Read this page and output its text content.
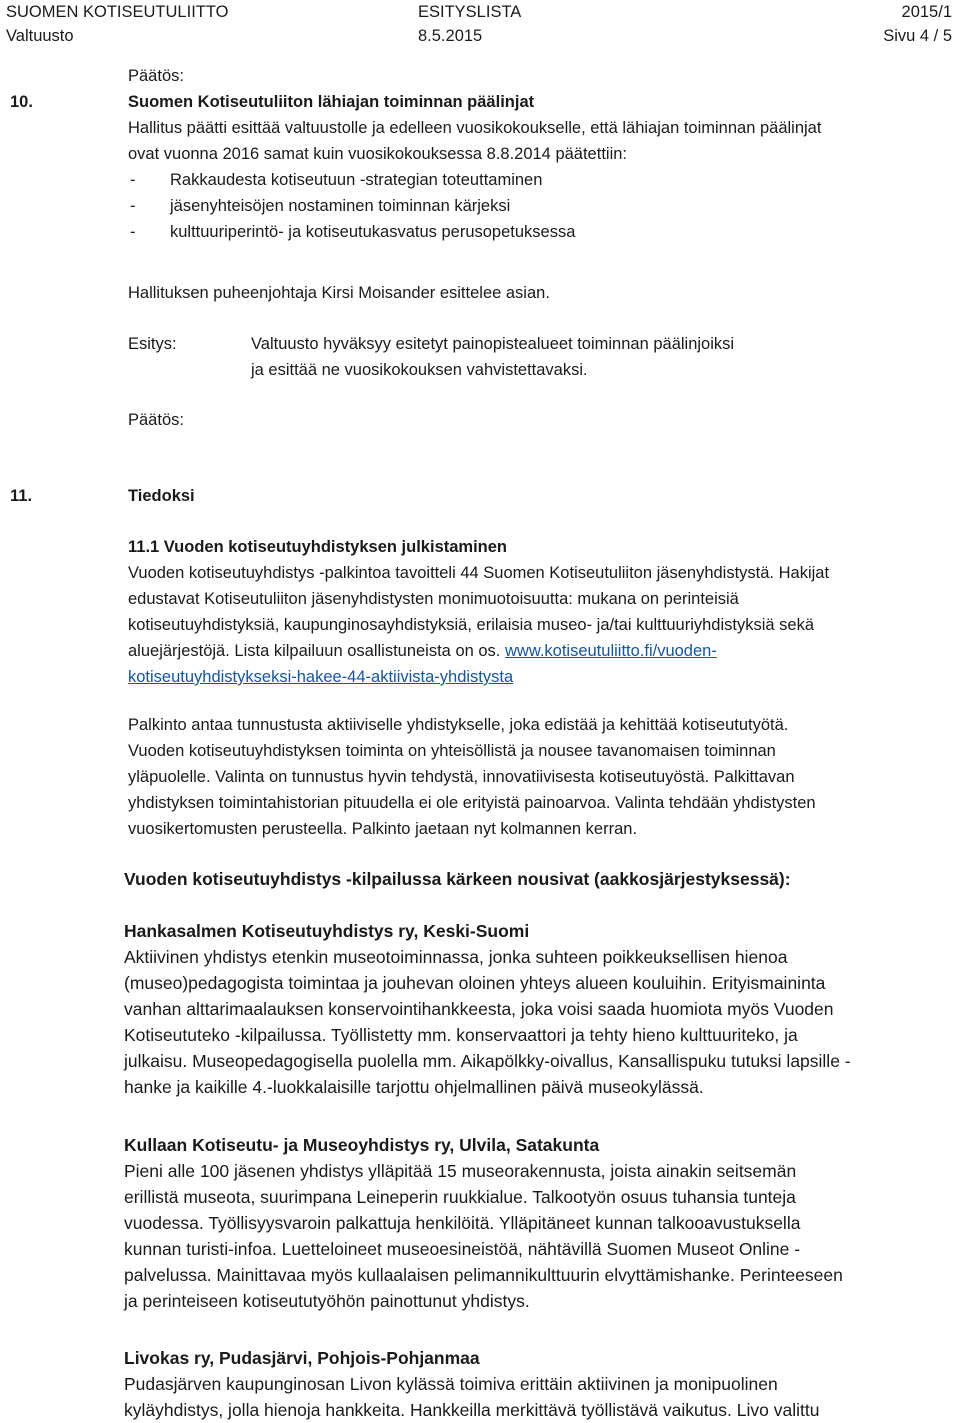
SUOMEN KOTISEUTULIITTO	ESITYSLISTA	2015/1
Valtuusto	8.5.2015	Sivu 4 / 5
Päätös:
10.	Suomen Kotiseutuliiton lähiajan toiminnan päälinjat
Hallitus päätti esittää valtuustolle ja edelleen vuosikokoukselle, että lähiajan toiminnan päälinjat
ovat vuonna 2016 samat kuin vuosikokouksessa 8.8.2014 päätettiin:
- Rakkaudesta kotiseutuun -strategian toteuttaminen
- jäsenyhteisöjen nostaminen toiminnan kärjeksi
- kulttuuriperintö- ja kotiseutukasvatus perusopetuksessa
Hallituksen puheenjohtaja Kirsi Moisander esittelee asian.
Esitys:	Valtuusto hyväksyy esitetyt painopistealueet toiminnan päälinjoiksi
ja esittää ne vuosikokouksen vahvistettavaksi.
Päätös:
11.	Tiedoksi
11.1 Vuoden kotiseutuyhdistyksen julkistaminen
Vuoden kotiseutuyhdistys -palkintoa tavoitteli 44 Suomen Kotiseutuliiton jäsenyhdistystä. Hakijat
edustavat Kotiseutuliiton jäsenyhdistysten monimuotoisuutta: mukana on perinteisiä
kotiseutuyhdistyksiä, kaupunginosayhdistyksiä, erilaisia museo- ja/tai kulttuuriyhdistyksiä sekä
aluejärjestöjä. Lista kilpailuun osallistuneista on os. www.kotiseutuliitto.fi/vuoden-
kotiseutuyhdistykseksi-hakee-44-aktiivista-yhdistysta
Palkinto antaa tunnustusta aktiiviselle yhdistykselle, joka edistää ja kehittää kotiseututyötä.
Vuoden kotiseutuyhdistyksen toiminta on yhteisöllistä ja nousee tavanomaisen toiminnan
yläpuolelle. Valinta on tunnustus hyvin tehdystä, innovatiivisesta kotiseutuyöstä. Palkittavan
yhdistyksen toimintahistorian pituudella ei ole erityistä painoarvoa. Valinta tehdään yhdistysten
vuosikertomusten perusteella. Palkinto jaetaan nyt kolmannen kerran.
Vuoden kotiseutuyhdistys -kilpailussa kärkeen nousivat (aakkosjärjestyksessä):
Hankasalmen Kotiseutuyhdistys ry, Keski-Suomi
Aktiivinen yhdistys etenkin museotoiminnassa, jonka suhteen poikkeuksellisen hienoa
(museo)pedagogista toimintaa ja jouhevan oloinen yhteys alueen kouluihin. Erityismaininta
vanhan alttarimaalauksen konservointihankkeesta, joka voisi saada huomiota myös Vuoden
Kotiseututeko -kilpailussa. Työllistetty mm. konservaattori ja tehty hieno kulttuuriteko, ja
julkaisu. Museopedagogisella puolella mm. Aikapölkky-oivallus, Kansallispuku tutuksi lapsille -
hanke ja kaikille 4.-luokkalaisille tarjottu ohjelmallinen päivä museokylässä.
Kullaan Kotiseutu- ja Museoyhdistys ry, Ulvila, Satakunta
Pieni alle 100 jäsenen yhdistys ylläpitää 15 museorakennusta, joista ainakin seitsemän
erillistä museota, suurimpana Leineperin ruukkialue. Talkootyön osuus tuhansia tunteja
vuodessa. Työllisyysvaroin palkattuja henkilöitä. Ylläpitäneet kunnan talkooavustuksella
kunnan turisti-infoa. Luetteloineet museoesineistöä, nähtävillä Suomen Museot Online -
palvelussa. Mainittavaa myös kullaalaisen pelimannikulttuurin elvyttämishanke. Perinteeseen
ja perinteiseen kotiseututyöhön painottunut yhdistys.
Livokas ry, Pudasjärvi, Pohjois-Pohjanmaa
Pudasjärven kaupunginosan Livon kylässä toimiva erittäin aktiivinen ja monipuolinen
kyläyhdistys, jolla hienoja hankkeita. Hankkeilla merkittävä työllistävä vaikutus. Livo valittu
